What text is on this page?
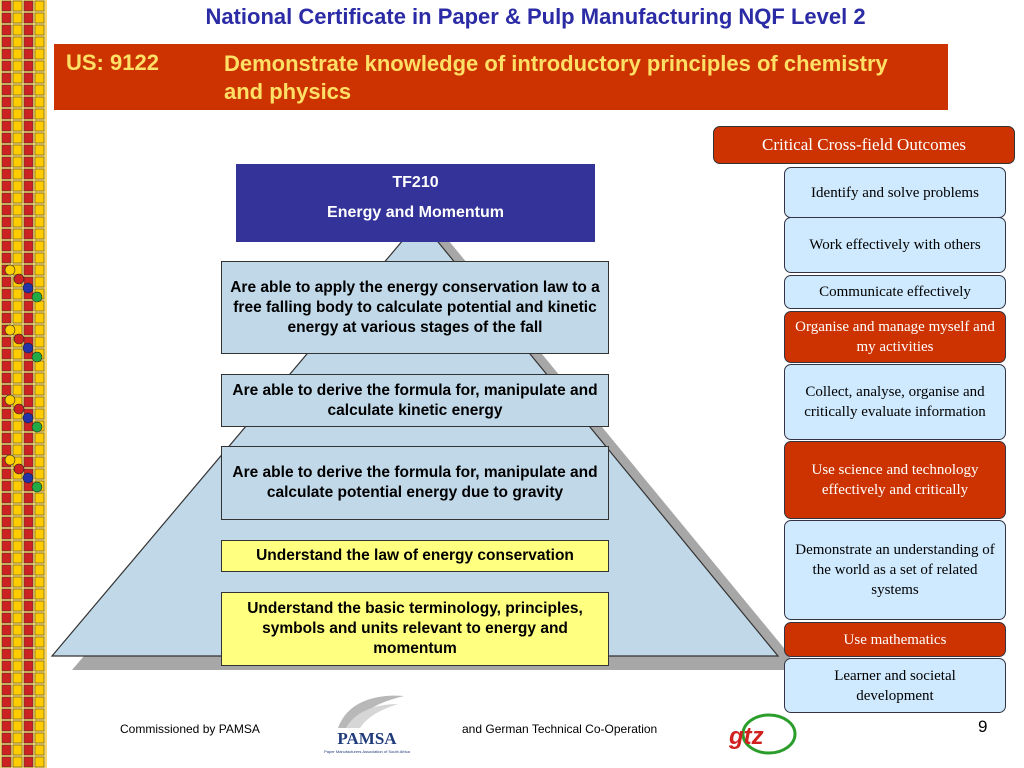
National Certificate in Paper & Pulp Manufacturing NQF Level 2
US: 9122	Demonstrate knowledge of introductory principles of chemistry and physics
TF210
Energy and Momentum
Are able to apply the energy conservation law to a free falling body to calculate potential and kinetic energy at various stages of the fall
Are able to derive the formula for, manipulate and calculate kinetic energy
Are able to derive the formula for, manipulate and calculate potential energy due to gravity
Understand the law of energy conservation
Understand the basic terminology, principles, symbols and units relevant to energy and momentum
Critical Cross-field Outcomes
Identify and solve problems
Work effectively with others
Communicate effectively
Organise and manage myself and my activities
Collect, analyse, organise and critically evaluate information
Use science and technology effectively and critically
Demonstrate an understanding of the world as a set of related systems
Use mathematics
Learner and societal development
Commissioned by PAMSA	PAMSA
Paper Manufacturers Association of South Africa
and German Technical Co-Operation	gtz	9
